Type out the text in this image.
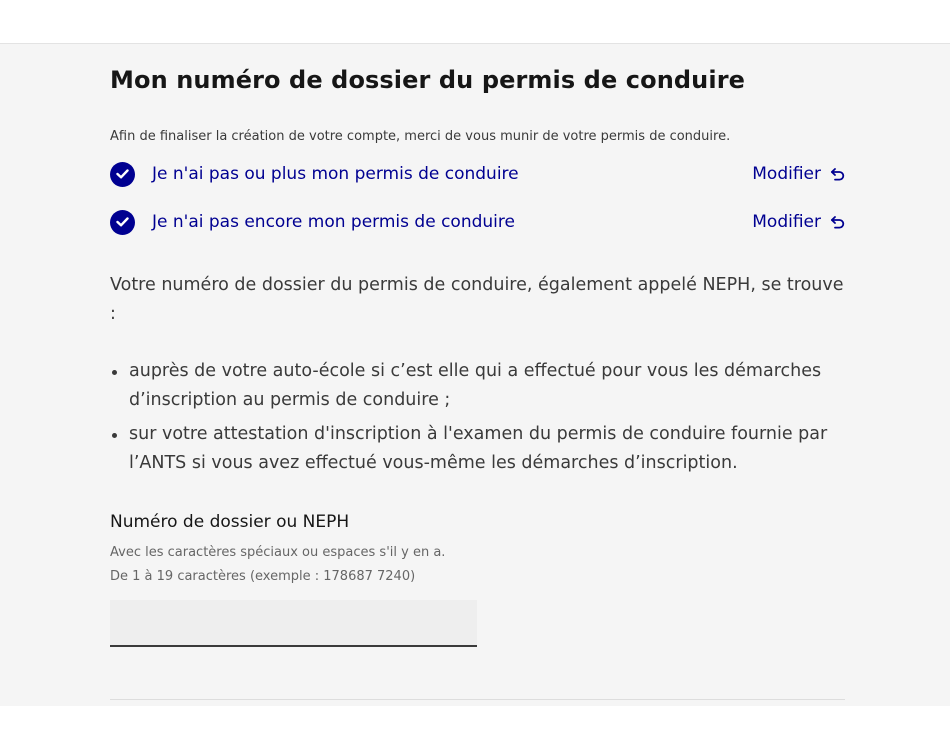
Mon numéro de dossier du permis de conduire

Afin de finaliser la création de votre compte, merci de vous munir de votre permis de conduire.

Je n'ai pas ou plus mon permis de conduire	Modifier
Je n'ai pas encore mon permis de conduire	Modifier

Votre numéro de dossier du permis de conduire, également appelé NEPH, se trouve :

auprès de votre auto-école si c’est elle qui a effectué pour vous les démarches d’inscription au permis de conduire ;
sur votre attestation d'inscription à l'examen du permis de conduire fournie par l’ANTS si vous avez effectué vous-même les démarches d’inscription.
Numéro de dossier ou NEPH

Avec les caractères spéciaux ou espaces s'il y en a.

De 1 à 19 caractères (exemple : 178687 7240)
